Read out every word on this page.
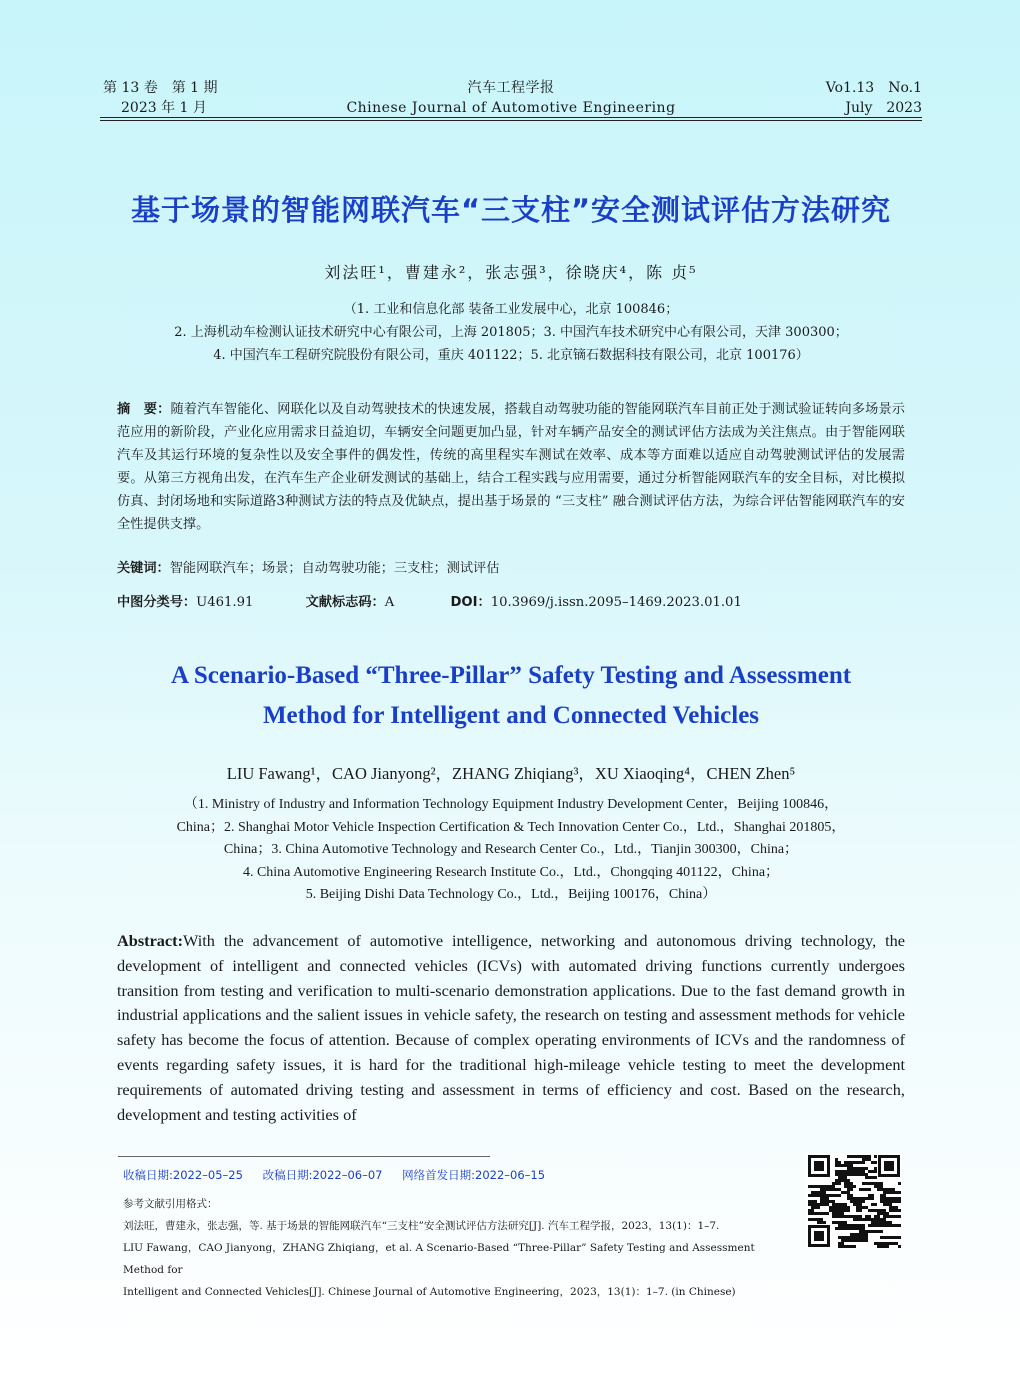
第 13 卷　第 1 期
2023 年 1 月
汽车工程学报
Chinese Journal of Automotive Engineering
Vo1.13　No.1
July　2023
基于场景的智能网联汽车“三支柱”安全测试评估方法研究
刘法旺¹，曹建永²，张志强³，徐晓庆⁴，陈 贞⁵
（1. 工业和信息化部 装备工业发展中心，北京 100846；
2. 上海机动车检测认证技术研究中心有限公司，上海 201805；3. 中国汽车技术研究中心有限公司，天津 300300；
4. 中国汽车工程研究院股份有限公司，重庆 401122；5. 北京镝石数据科技有限公司，北京 100176）
摘　要：随着汽车智能化、网联化以及自动驾驶技术的快速发展，搭载自动驾驶功能的智能网联汽车目前正处于测试验证转向多场景示范应用的新阶段，产业化应用需求日益迫切，车辆安全问题更加凸显，针对车辆产品安全的测试评估方法成为关注焦点。由于智能网联汽车及其运行环境的复杂性以及安全事件的偶发性，传统的高里程实车测试在效率、成本等方面难以适应自动驾驶测试评估的发展需要。从第三方视角出发，在汽车生产企业研发测试的基础上，结合工程实践与应用需要，通过分析智能网联汽车的安全目标，对比模拟仿真、封闭场地和实际道路3种测试方法的特点及优缺点，提出基于场景的 “三支柱” 融合测试评估方法，为综合评估智能网联汽车的安全性提供支撑。
关键词：智能网联汽车；场景；自动驾驶功能；三支柱；测试评估
中图分类号：U461.91	文献标志码：A	DOI：10.3969/j.issn.2095–1469.2023.01.01
A Scenario-Based “Three-Pillar” Safety Testing and Assessment
Method for Intelligent and Connected Vehicles
LIU Fawang¹，CAO Jianyong²，ZHANG Zhiqiang³，XU Xiaoqing⁴，CHEN Zhen⁵
（1. Ministry of Industry and Information Technology Equipment Industry Development Center，Beijing 100846，
China；2. Shanghai Motor Vehicle Inspection Certification & Tech Innovation Center Co.，Ltd.，Shanghai 201805，
China；3. China Automotive Technology and Research Center Co.，Ltd.，Tianjin 300300，China；
4. China Automotive Engineering Research Institute Co.，Ltd.，Chongqing 401122，China；
5. Beijing Dishi Data Technology Co.，Ltd.，Beijing 100176，China）
Abstract:With the advancement of automotive intelligence, networking and autonomous driving technology, the development of intelligent and connected vehicles (ICVs) with automated driving functions currently undergoes transition from testing and verification to multi-scenario demonstration applications. Due to the fast demand growth in industrial applications and the salient issues in vehicle safety, the research on testing and assessment methods for vehicle safety has become the focus of attention. Because of complex operating environments of ICVs and the randomness of events regarding safety issues, it is hard for the traditional high-mileage vehicle testing to meet the development requirements of automated driving testing and assessment in terms of efficiency and cost. Based on the research, development and testing activities of
收稿日期:2022–05–25 改稿日期:2022–06–07 网络首发日期:2022–06–15
参考文献引用格式：
刘法旺，曹建永，张志强，等. 基于场景的智能网联汽车“三支柱”安全测试评估方法研究[J]. 汽车工程学报，2023，13(1)：1–7.
LIU Fawang，CAO Jianyong，ZHANG Zhiqiang，et al. A Scenario-Based “Three-Pillar” Safety Testing and Assessment Method for
Intelligent and Connected Vehicles[J]. Chinese Journal of Automotive Engineering，2023，13(1)：1–7. (in Chinese)
